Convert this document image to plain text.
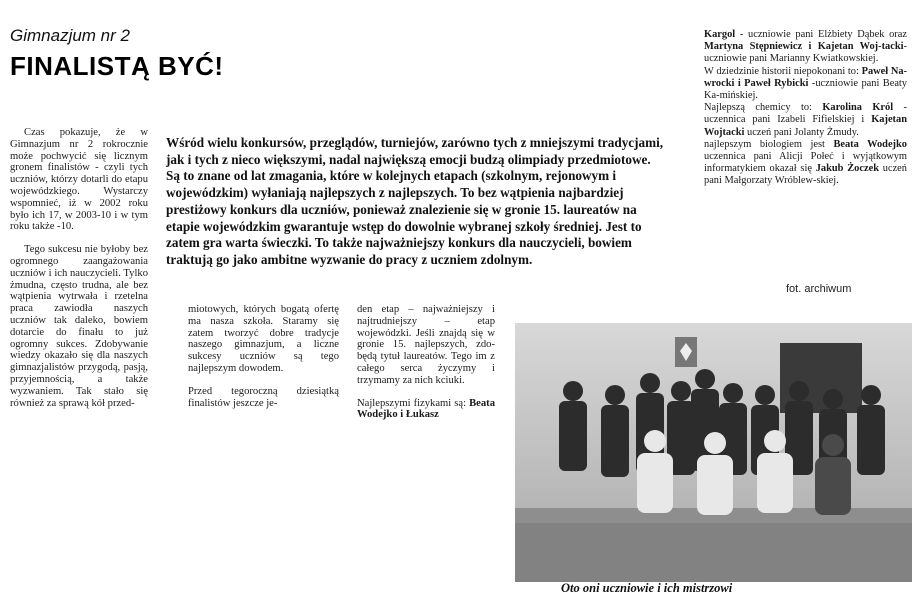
Gimnazjum nr 2
FINALISTĄ BYĆ!

Czas pokazuje, że w Gimnazjum nr 2 rokrocznie może pochwycić się licznym gronem finalistów - czyli tych uczniów, którzy dotarli do etapu wojewódzkiego. Wystarczy wspomnieć, iż w 2002 roku było ich 17, w 2003-10 i w tym roku także -10.

Tego sukcesu nie byłoby bez ogromnego zaangażowania uczniów i ich nauczycieli. Tylko żmudna, często trudna, ale bez wątpienia wytrwała i rzetelna praca zawiodła naszych uczniów tak daleko, bowiem dotarcie do finału to już ogromny sukces. Zdobywanie wiedzy okazało się dla naszych gimnazjalistów przygodą, pasją, przyjemnością, a także wyzwaniem. Tak stało się również za sprawą kół przed-

Wśród wielu konkursów, przeglądów, turniejów, zarówno tych z mniejszymi tradycjami, jak i tych z nieco większymi, nadal największą emocji budzą olimpiady przedmiotowe. Są to znane od lat zmagania, które w kolejnych etapach (szkolnym, rejonowym i wojewódzkim) wyłaniają najlepszych z najlepszych. To bez wątpienia najbardziej prestiżowy konkurs dla uczniów, ponieważ znalezienie się w gronie 15. laureatów na etapie wojewódzkim gwarantuje wstęp do dowolnie wybranej szkoły średniej. Jest to zatem gra warta świeczki. To także najważniejszy konkurs dla nauczycieli, bowiem traktują go jako ambitne wyzwanie do pracy z uczniem zdolnym.

miotowych, których bogatą ofertę ma nasza szkoła. Staramy się zatem tworzyć dobre tradycje naszego gimnazjum, a liczne sukcesy uczniów są tego najlepszym dowodem.

Przed tegoroczną dziesiątką finalistów jeszcze je-

den etap – najważniejszy i najtrudniejszy – etap wojewódzki. Jeśli znajdą się w gronie 15. najlepszych, zdo-będą tytuł laureatów. Tego im z całego serca życzymy i trzymamy za nich kciuki.

Najlepszymi fizykami są: Beata Wodejko i Łukasz

Kargol - uczniowie pani Elżbiety Dąbek oraz Martyna Stępniewicz i Kajetan Woj-tacki-uczniowie pani Marianny Kwiatkowskiej.

W dziedzinie historii niepokonani to: Paweł Na-wrocki i Paweł Rybicki -uczniowie pani Beaty Ka-mińskiej.

Najlepszą chemicy to: Karolina Król - uczennica pani Izabeli Fifielskiej i Kajetan Wojtacki uczeń pani Jolanty Żmudy.

najlepszym biologiem jest Beata Wodejko uczennica pani Alicji Połeć i wyjątkowym informatykiem okazał się Jakub Żoczek uczeń pani Małgorzaty Wróblew-skiej.

fot. archiwum
Oto oni uczniowie i ich mistrzowi
